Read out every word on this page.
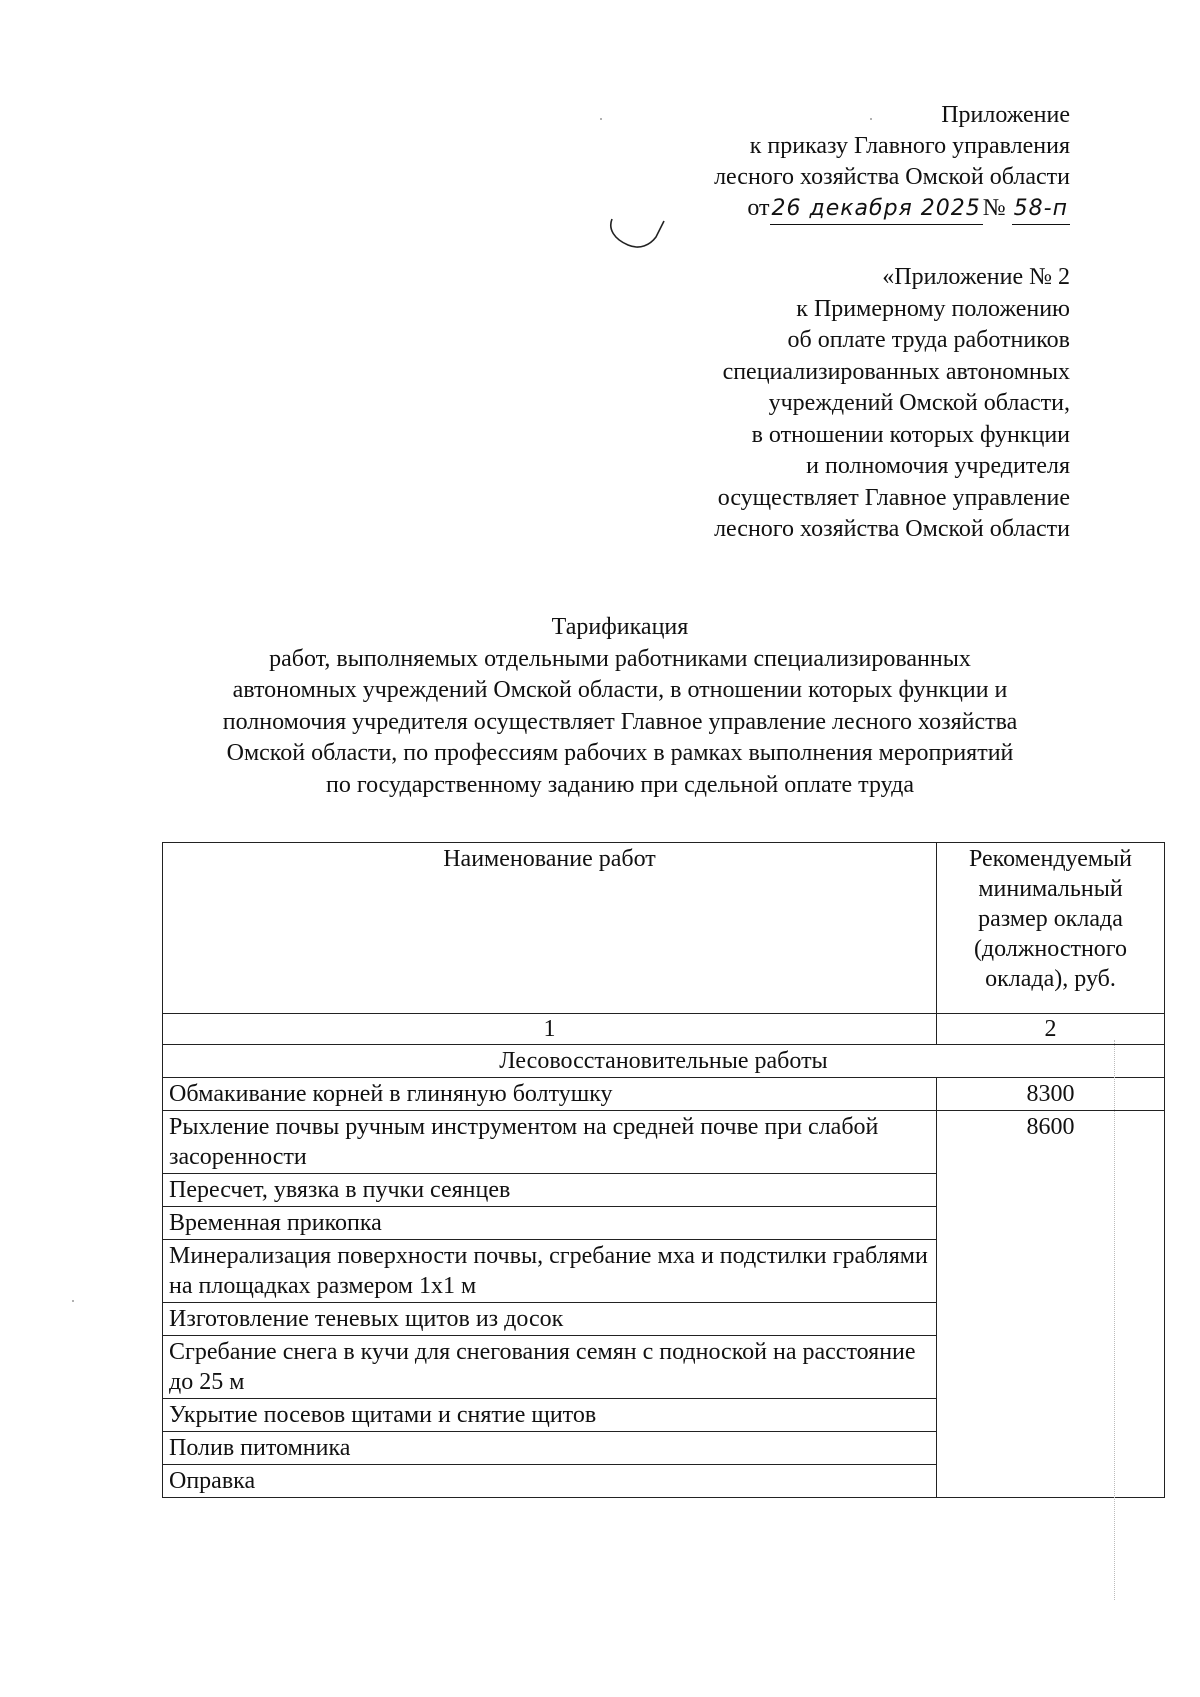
Приложение
к приказу Главного управления
лесного хозяйства Омской области
от26 декабря 2025№ 58-п
«Приложение № 2
к Примерному положению
об оплате труда работников
специализированных автономных
учреждений Омской области,
в отношении которых функции
и полномочия учредителя
осуществляет Главное управление
лесного хозяйства Омской области
Тарификация
работ, выполняемых отдельными работниками специализированных
автономных учреждений Омской области, в отношении которых функции и
полномочия учредителя осуществляет Главное управление лесного хозяйства
Омской области, по профессиям рабочих в рамках выполнения мероприятий
по государственному заданию при сдельной оплате труда
Наименование работ	Рекомендуемый
минимальный
размер оклада
(должностного
оклада), руб.

1	2
Лесовосстановительные работы	
Обмакивание корней в глиняную болтушку	8300
Рыхление почвы ручным инструментом на средней почве при слабой засоренности	8600
Пересчет, увязка в пучки сеянцев	
Временная прикопка	
Минерализация поверхности почвы, сгребание мха и подстилки граблями на площадках размером 1х1 м	
Изготовление теневых щитов из досок	
Сгребание снега в кучи для снегования семян с подноской на расстояние до 25 м	
Укрытие посевов щитами и снятие щитов	
Полив питомника	
Оправка	
